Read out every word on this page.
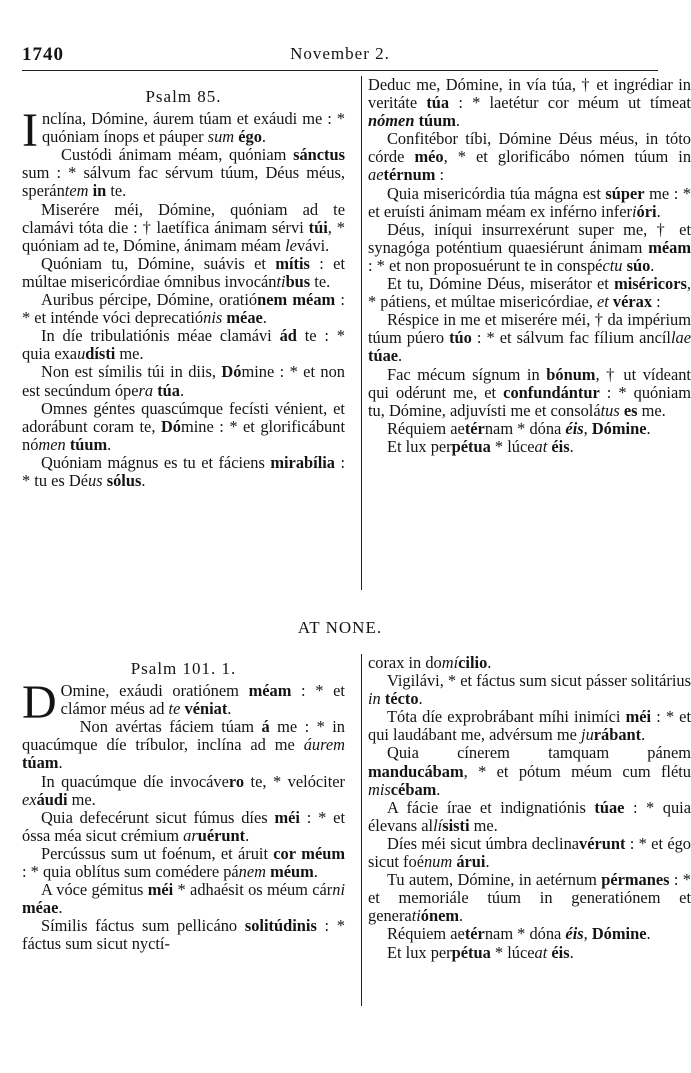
1740	November 2.
Psalm 85.
I nclína, Dómine, áurem túam et exáudi me : * quóniam ínops et páuper sum égo.

Custódi ánimam méam, quóniam sánctus sum : * sálvum fac sérvum túum, Déus méus, sperántem in te.

Miserére méi, Dómine, quóniam ad te clamávi tóta die : † laetífica ánimam sérvi túi, * quóniam ad te, Dómine, ánimam méam levávi.

Quóniam tu, Dómine, suávis et mítis : et múltae misericórdiae ómnibus invocántibus te.

Auribus pércipe, Dómine, oratiónem méam : * et inténde vóci deprecatiónis méae.

In díe tribulatiónis méae clamávi ád te : * quia exaudísti me.

Non est símilis túi in diis, Dómine : * et non est secúndum ópera túa.

Omnes géntes quascúmque fecísti vénient, et adorábunt coram te, Dómine : * et glorificábunt nómen túum.

Quóniam mágnus es tu et fáciens mirabília : * tu es Déus sólus.

Deduc me, Dómine, in vía túa, † et ingrédiar in veritáte túa : * laetétur cor méum ut tímeat nómen túum.

Confitébor tíbi, Dómine Déus méus, in tóto córde méo, * et glorificábo nómen túum in aetérnum :

Quia misericórdia túa mágna est súper me : * et eruísti ánimam méam ex inférno inferióri.

Déus, iníqui insurrexérunt super me, † et synagóga poténtium quaesiérunt ánimam méam : * et non proposuérunt te in conspéctu súo.

Et tu, Dómine Déus, miserátor et miséricors, * pátiens, et múltae misericórdiae, et vérax :

Réspice in me et miserére méi, † da impérium túum púero túo : * et sálvum fac fílium ancíllae túae.

Fac mécum sígnum in bónum, † ut vídeant qui odérunt me, et confundántur : * quóniam tu, Dómine, adjuvísti me et consolátus es me.

Réquiem aetérnam * dóna éis, Dómine.

Et lux perpétua * lúceat éis.

AT NONE.
Psalm 101. 1.
D Omine, exáudi oratiónem méam : * et clámor méus ad te véniat.

Non avértas fáciem túam á me : * in quacúmque díe tríbulor, inclína ad me áurem túam.

In quacúmque díe invocávero te, * velóciter exáudi me.

Quia defecérunt sicut fúmus díes méi : * et óssa méa sicut crémium aruérunt.

Percússus sum ut foénum, et áruit cor méum : * quia oblítus sum comédere pánem méum.

A vóce gémitus méi * adhaésit os méum cárni méae.

Símilis fáctus sum pellicáno solitúdinis : * fáctus sum sicut nyctí-

corax in domícilio.

Vigilávi, * et fáctus sum sicut pásser solitárius in técto.

Tóta díe exprobrábant míhi inimíci méi : * et qui laudábant me, advérsum me jurábant.

Quia cínerem tamquam pánem manducábam, * et pótum méum cum flétu miscébam.

A fácie írae et indignatiónis túae : * quia élevans allísisti me.

Díes méi sicut úmbra declinavérunt : * et égo sicut foénum árui.

Tu autem, Dómine, in aetérnum pérmanes : * et memoriále túum in generatiónem et generatiónem.

Réquiem aetérnam * dóna éis, Dómine.

Et lux perpétua * lúceat éis.
